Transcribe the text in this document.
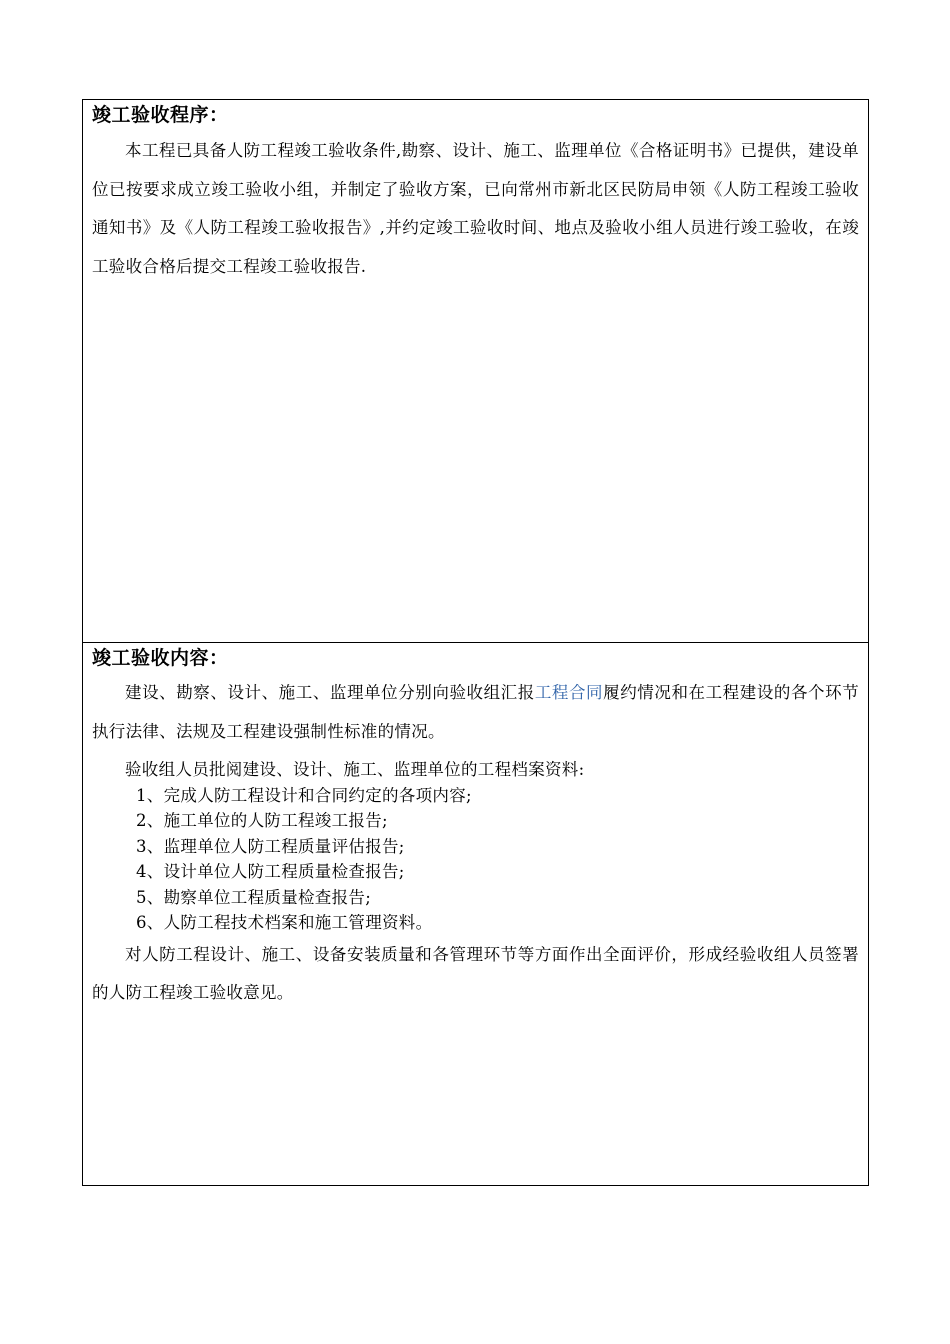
竣工验收程序：

本工程已具备人防工程竣工验收条件,勘察、设计、施工、监理单位《合格证明书》已提供，建设单位已按要求成立竣工验收小组，并制定了验收方案，已向常州市新北区民防局申领《人防工程竣工验收通知书》及《人防工程竣工验收报告》,并约定竣工验收时间、地点及验收小组人员进行竣工验收，在竣工验收合格后提交工程竣工验收报告.

竣工验收内容：

建设、勘察、设计、施工、监理单位分别向验收组汇报工程合同履约情况和在工程建设的各个环节执行法律、法规及工程建设强制性标准的情况。

验收组人员批阅建设、设计、施工、监理单位的工程档案资料:

1、完成人防工程设计和合同约定的各项内容;
2、施工单位的人防工程竣工报告;
3、监理单位人防工程质量评估报告;
4、设计单位人防工程质量检查报告;
5、勘察单位工程质量检查报告;
6、人防工程技术档案和施工管理资料。

对人防工程设计、施工、设备安装质量和各管理环节等方面作出全面评价，形成经验收组人员签署的人防工程竣工验收意见。
